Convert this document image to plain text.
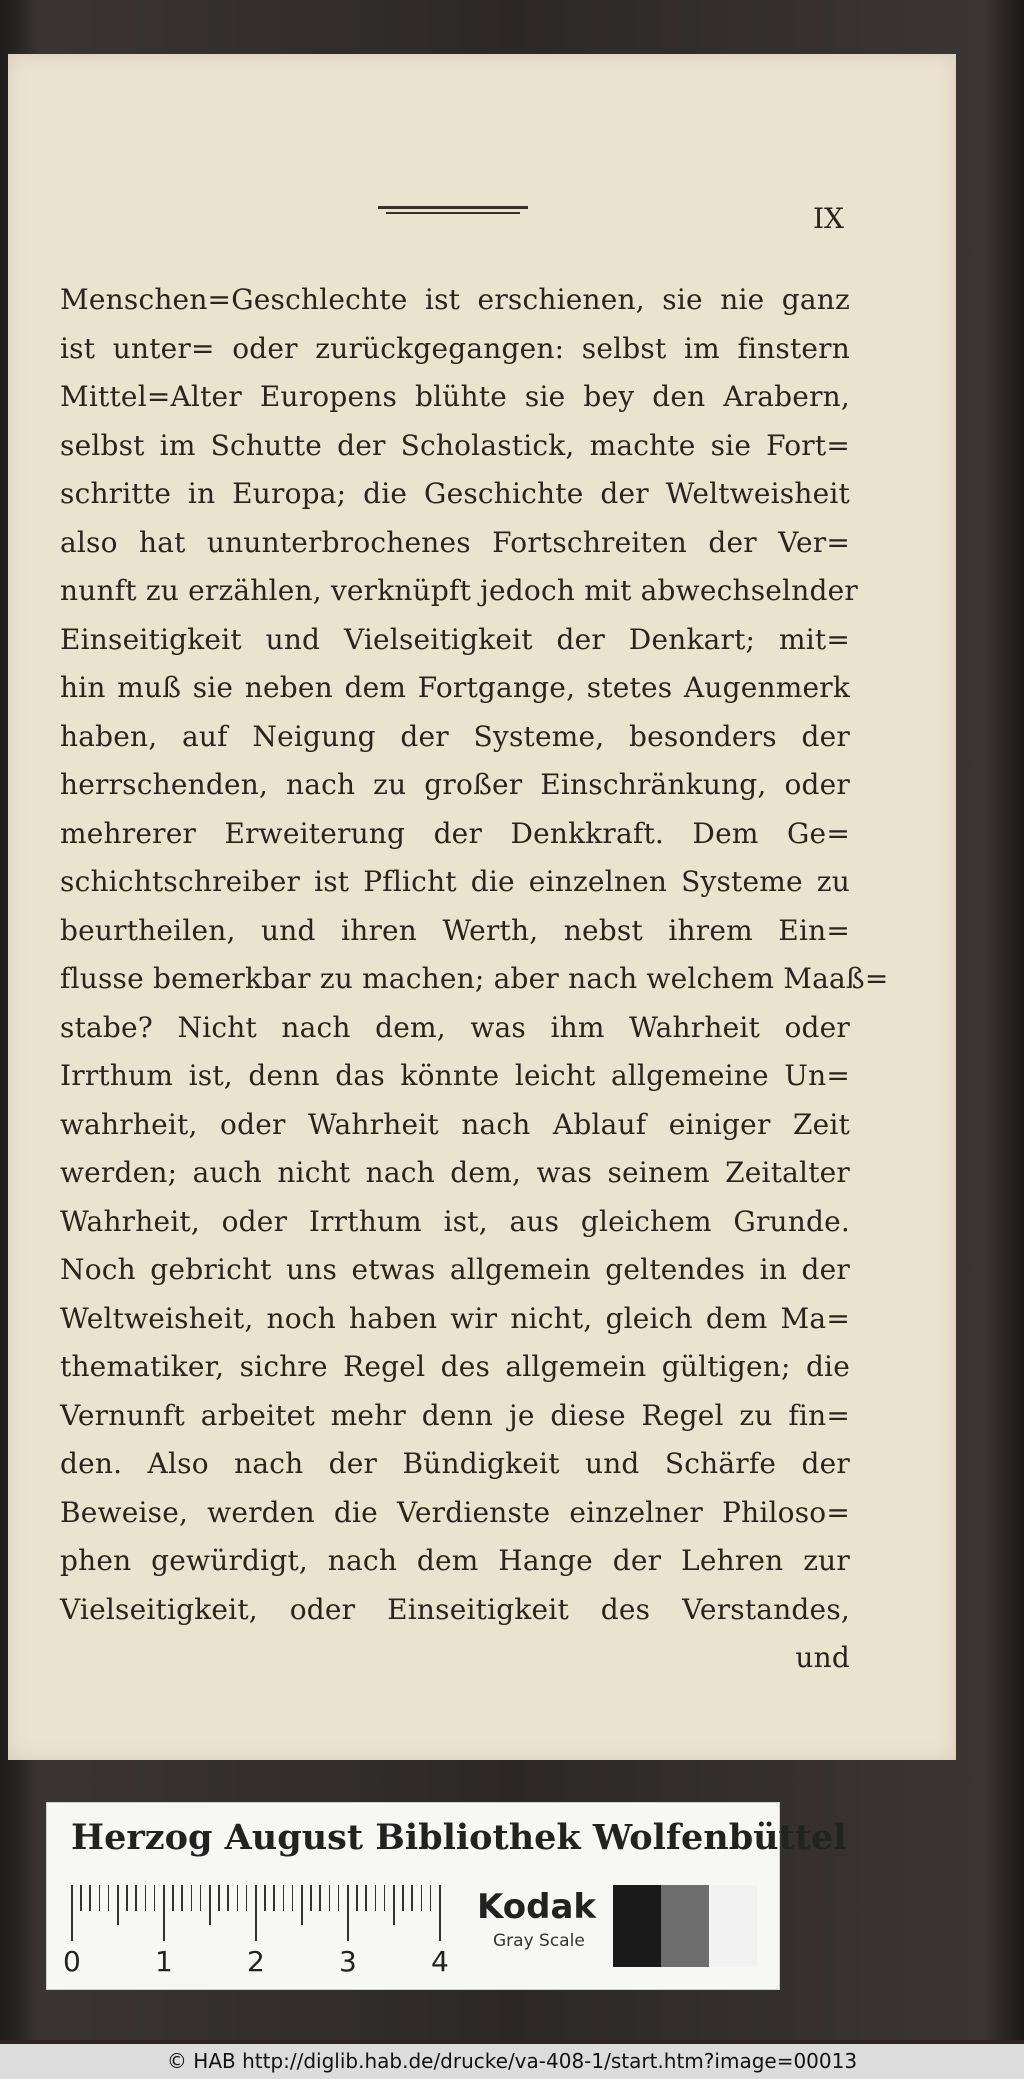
IX
Menschen=Geschlechte ist erschienen, sie nie ganz
ist unter= oder zurückgegangen: selbst im finstern
Mittel=Alter Europens blühte sie bey den Arabern,
selbst im Schutte der Scholastick, machte sie Fort=
schritte in Europa; die Geschichte der Weltweisheit
also hat ununterbrochenes Fortschreiten der Ver=
nunft zu erzählen, verknüpft jedoch mit abwechselnder
Einseitigkeit und Vielseitigkeit der Denkart; mit=
hin muß sie neben dem Fortgange, stetes Augenmerk
haben, auf Neigung der Systeme, besonders der
herrschenden, nach zu großer Einschränkung, oder
mehrerer Erweiterung der Denkkraft. Dem Ge=
schichtschreiber ist Pflicht die einzelnen Systeme zu
beurtheilen, und ihren Werth, nebst ihrem Ein=
flusse bemerkbar zu machen; aber nach welchem Maaß=
stabe? Nicht nach dem, was ihm Wahrheit oder
Irrthum ist, denn das könnte leicht allgemeine Un=
wahrheit, oder Wahrheit nach Ablauf einiger Zeit
werden; auch nicht nach dem, was seinem Zeitalter
Wahrheit, oder Irrthum ist, aus gleichem Grunde.
Noch gebricht uns etwas allgemein geltendes in der
Weltweisheit, noch haben wir nicht, gleich dem Ma=
thematiker, sichre Regel des allgemein gültigen; die
Vernunft arbeitet mehr denn je diese Regel zu fin=
den. Also nach der Bündigkeit und Schärfe der
Beweise, werden die Verdienste einzelner Philoso=
phen gewürdigt, nach dem Hange der Lehren zur
Vielseitigkeit, oder Einseitigkeit des Verstandes,
und
Herzog August Bibliothek Wolfenbüttel
0	1	2	3	4
Kodak
Gray Scale
© HAB http://diglib.hab.de/drucke/va-408-1/start.htm?image=00013
